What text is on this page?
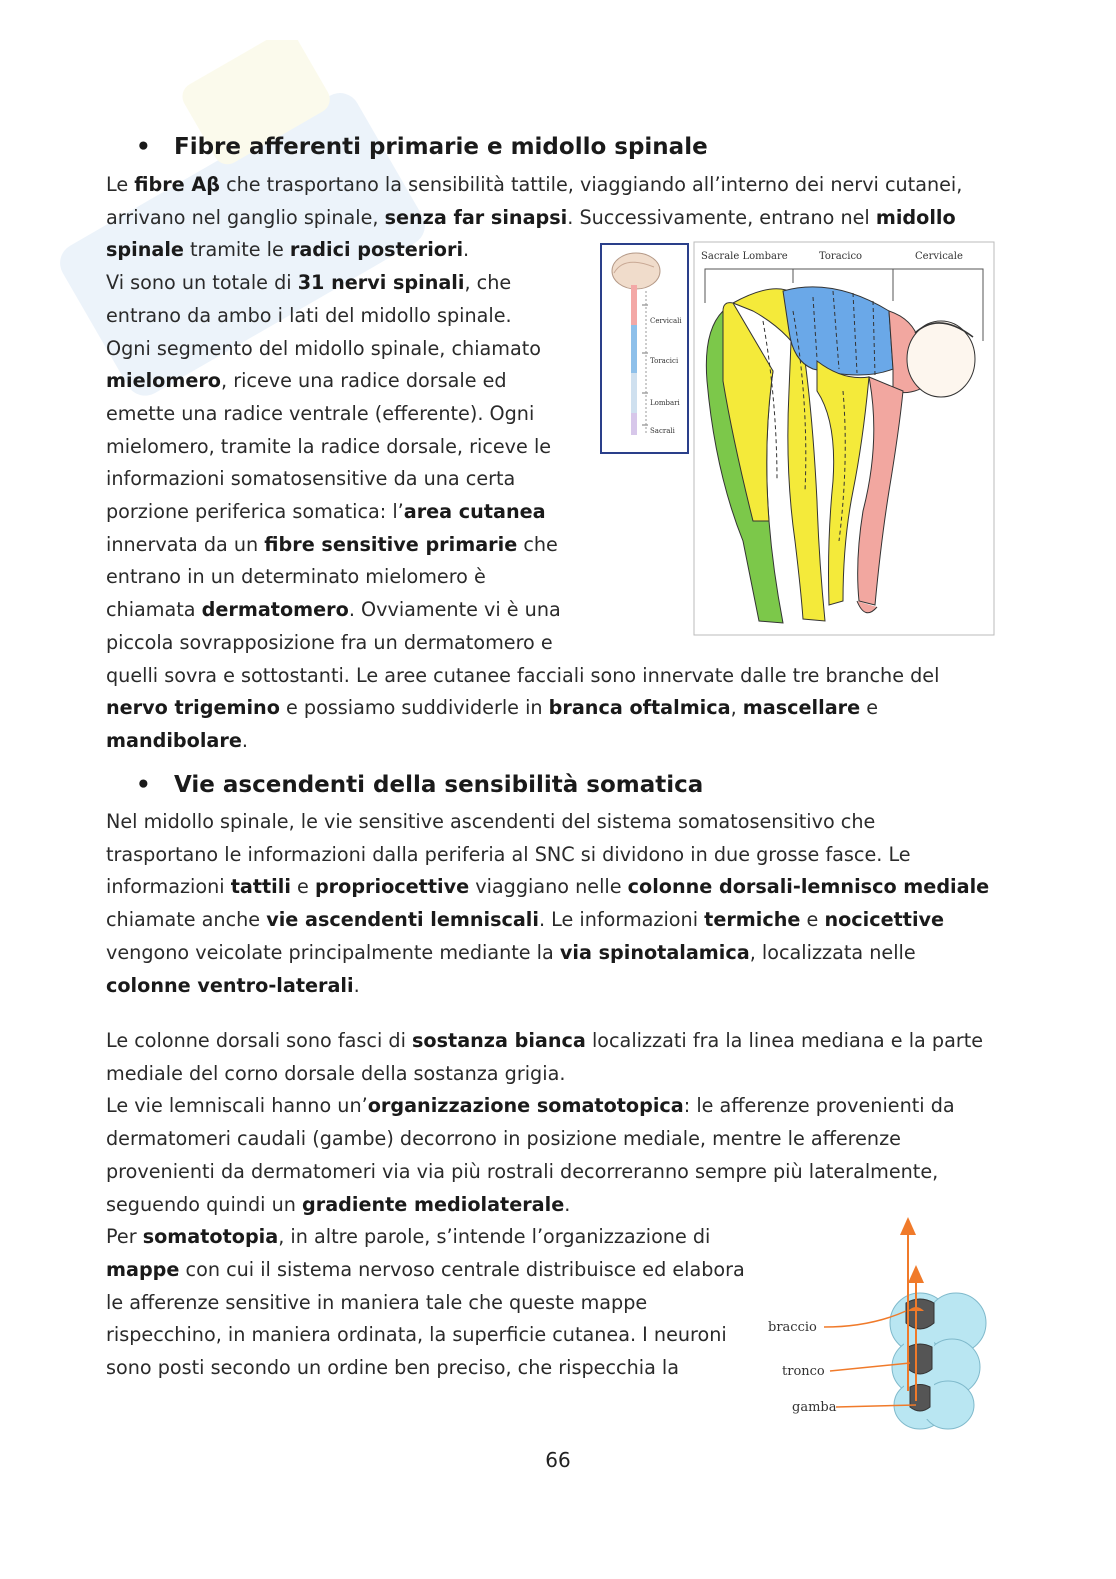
• Fibre afferenti primarie e midollo spinale
Le fibre Aβ che trasportano la sensibilità tattile, viaggiando all’interno dei nervi cutanei,
arrivano nel ganglio spinale, senza far sinapsi. Successivamente, entrano nel midollo
spinale tramite le radici posteriori.
Vi sono un totale di 31 nervi spinali, che
entrano da ambo i lati del midollo spinale.
Ogni segmento del midollo spinale, chiamato
mielomero, riceve una radice dorsale ed
emette una radice ventrale (efferente). Ogni
mielomero, tramite la radice dorsale, riceve le
informazioni somatosensitive da una certa
porzione periferica somatica: l’area cutanea
innervata da un fibre sensitive primarie che
entrano in un determinato mielomero è
chiamata dermatomero. Ovviamente vi è una
piccola sovrapposizione fra un dermatomero e
quelli sovra e sottostanti. Le aree cutanee facciali sono innervate dalle tre branche del
nervo trigemino e possiamo suddividerle in branca oftalmica, mascellare e
mandibolare.
• Vie ascendenti della sensibilità somatica
Nel midollo spinale, le vie sensitive ascendenti del sistema somatosensitivo che
trasportano le informazioni dalla periferia al SNC si dividono in due grosse fasce. Le
informazioni tattili e propriocettive viaggiano nelle colonne dorsali-lemnisco mediale
chiamate anche vie ascendenti lemniscali. Le informazioni termiche e nocicettive
vengono veicolate principalmente mediante la via spinotalamica, localizzata nelle
colonne ventro-laterali.
Le colonne dorsali sono fasci di sostanza bianca localizzati fra la linea mediana e la parte
mediale del corno dorsale della sostanza grigia.
Le vie lemniscali hanno un’organizzazione somatotopica: le afferenze provenienti da
dermatomeri caudali (gambe) decorrono in posizione mediale, mentre le afferenze
provenienti da dermatomeri via via più rostrali decorreranno sempre più lateralmente,
seguendo quindi un gradiente mediolaterale.
Per somatotopia, in altre parole, s’intende l’organizzazione di
mappe con cui il sistema nervoso centrale distribuisce ed elabora
le afferenze sensitive in maniera tale che queste mappe
rispecchino, in maniera ordinata, la superficie cutanea. I neuroni
sono posti secondo un ordine ben preciso, che rispecchia la
Cervicali
Toracici
Lombari
Sacrali
Sacrale Lombare	Toracico	Cervicale
braccio
tronco
gamba
66
